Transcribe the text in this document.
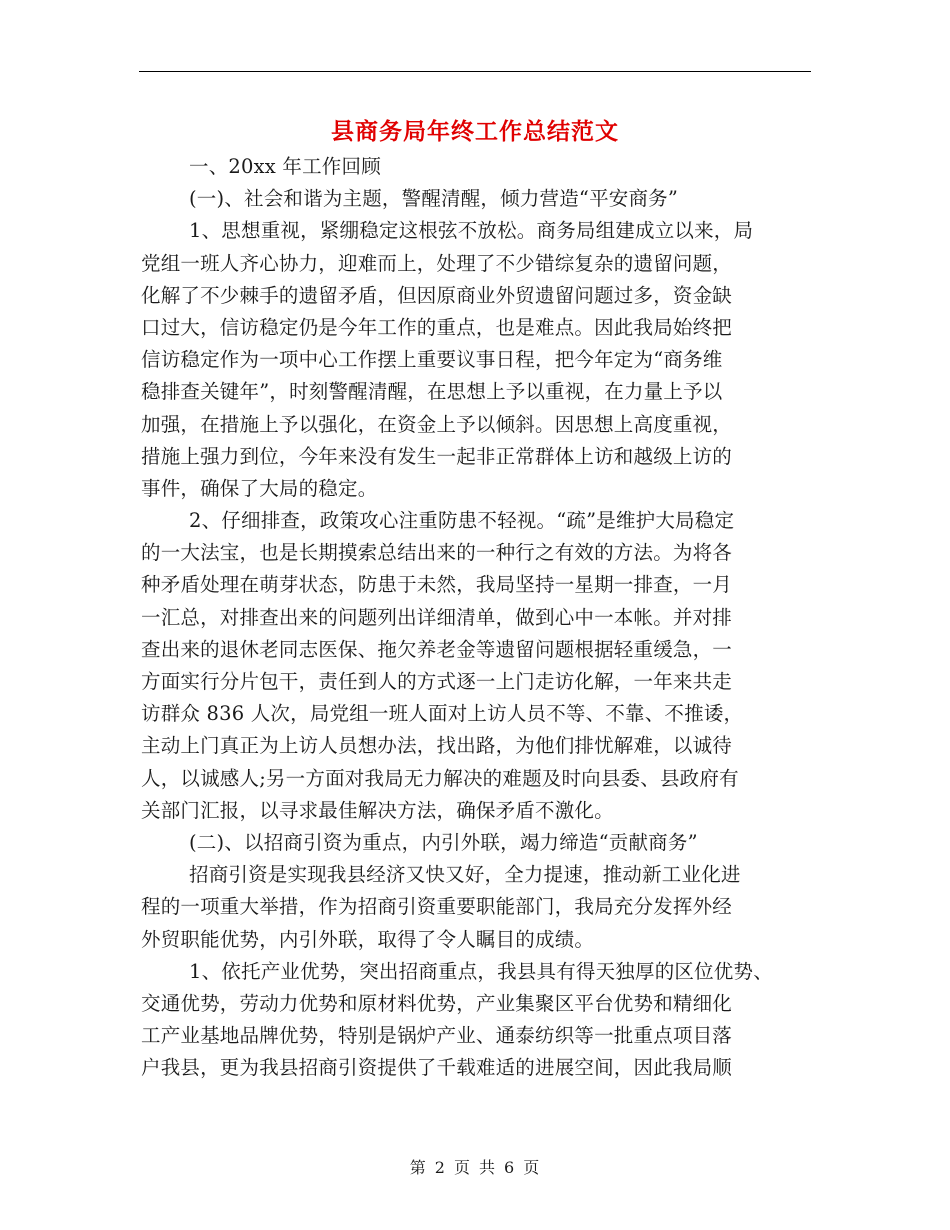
县商务局年终工作总结范文
一、20xx 年工作回顾
(一)、社会和谐为主题，警醒清醒，倾力营造“平安商务”
1、思想重视，紧绷稳定这根弦不放松。商务局组建成立以来，局
党组一班人齐心协力，迎难而上，处理了不少错综复杂的遗留问题，
化解了不少棘手的遗留矛盾，但因原商业外贸遗留问题过多，资金缺
口过大，信访稳定仍是今年工作的重点，也是难点。因此我局始终把
信访稳定作为一项中心工作摆上重要议事日程，把今年定为“商务维
稳排查关键年”，时刻警醒清醒，在思想上予以重视，在力量上予以
加强，在措施上予以强化，在资金上予以倾斜。因思想上高度重视，
措施上强力到位，今年来没有发生一起非正常群体上访和越级上访的
事件，确保了大局的稳定。
2、仔细排查，政策攻心注重防患不轻视。“疏”是维护大局稳定
的一大法宝，也是长期摸索总结出来的一种行之有效的方法。为将各
种矛盾处理在萌芽状态，防患于未然，我局坚持一星期一排查，一月
一汇总，对排查出来的问题列出详细清单，做到心中一本帐。并对排
查出来的退休老同志医保、拖欠养老金等遗留问题根据轻重缓急，一
方面实行分片包干，责任到人的方式逐一上门走访化解，一年来共走
访群众 836 人次，局党组一班人面对上访人员不等、不靠、不推诿，
主动上门真正为上访人员想办法，找出路，为他们排忧解难，以诚待
人，以诚感人;另一方面对我局无力解决的难题及时向县委、县政府有
关部门汇报，以寻求最佳解决方法，确保矛盾不激化。
(二)、以招商引资为重点，内引外联，竭力缔造“贡献商务”
招商引资是实现我县经济又快又好，全力提速，推动新工业化进
程的一项重大举措，作为招商引资重要职能部门，我局充分发挥外经
外贸职能优势，内引外联，取得了令人瞩目的成绩。
1、依托产业优势，突出招商重点，我县具有得天独厚的区位优势、
交通优势，劳动力优势和原材料优势，产业集聚区平台优势和精细化
工产业基地品牌优势，特别是锅炉产业、通泰纺织等一批重点项目落
户我县，更为我县招商引资提供了千载难适的进展空间，因此我局顺
第 2 页 共 6 页
